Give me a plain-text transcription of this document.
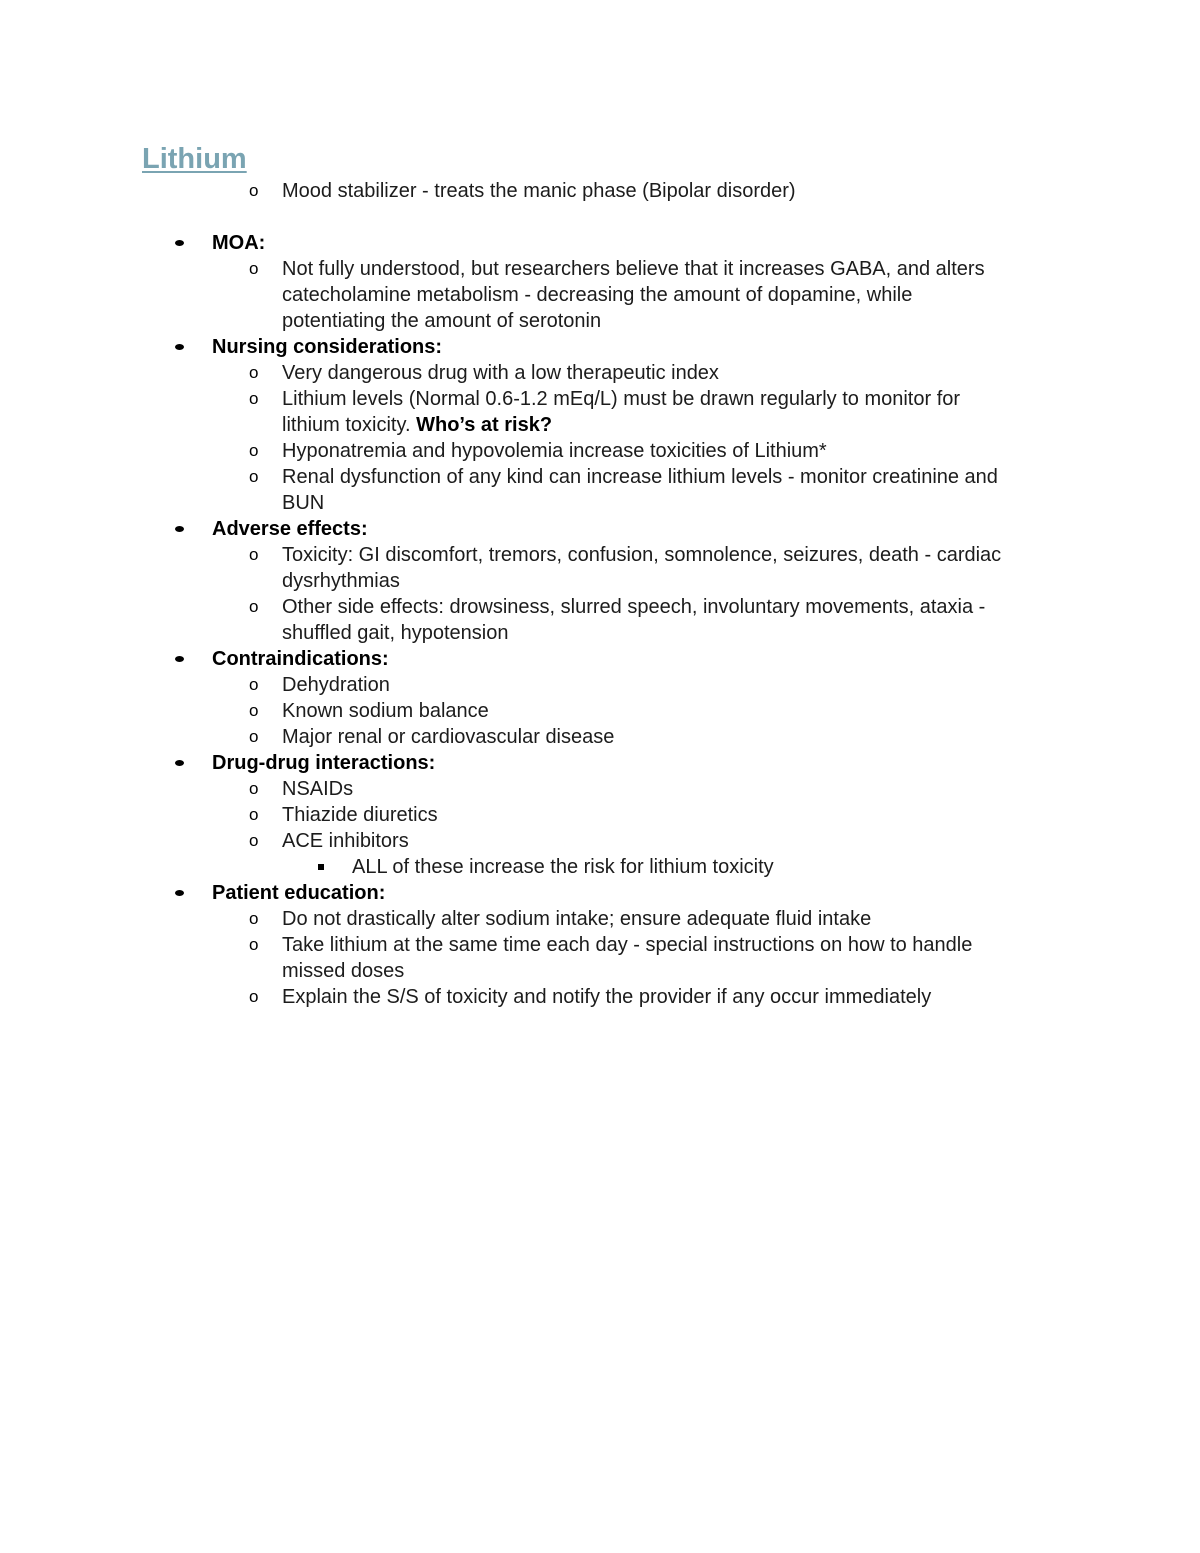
Lithium
o Mood stabilizer - treats the manic phase (Bipolar disorder)
MOA:
o Not fully understood, but researchers believe that it increases GABA, and alters
catecholamine metabolism - decreasing the amount of dopamine, while
potentiating the amount of serotonin
Nursing considerations:
o Very dangerous drug with a low therapeutic index
o Lithium levels (Normal 0.6-1.2 mEq/L) must be drawn regularly to monitor for
lithium toxicity. Who’s at risk?
o Hyponatremia and hypovolemia increase toxicities of Lithium*
o Renal dysfunction of any kind can increase lithium levels - monitor creatinine and
BUN
Adverse effects:
o Toxicity: GI discomfort, tremors, confusion, somnolence, seizures, death - cardiac
dysrhythmias
o Other side effects: drowsiness, slurred speech, involuntary movements, ataxia -
shuffled gait, hypotension
Contraindications:
o Dehydration
o Known sodium balance
o Major renal or cardiovascular disease
Drug-drug interactions:
o NSAIDs
o Thiazide diuretics
o ACE inhibitors
ALL of these increase the risk for lithium toxicity
Patient education:
o Do not drastically alter sodium intake; ensure adequate fluid intake
o Take lithium at the same time each day - special instructions on how to handle
missed doses
o Explain the S/S of toxicity and notify the provider if any occur immediately
